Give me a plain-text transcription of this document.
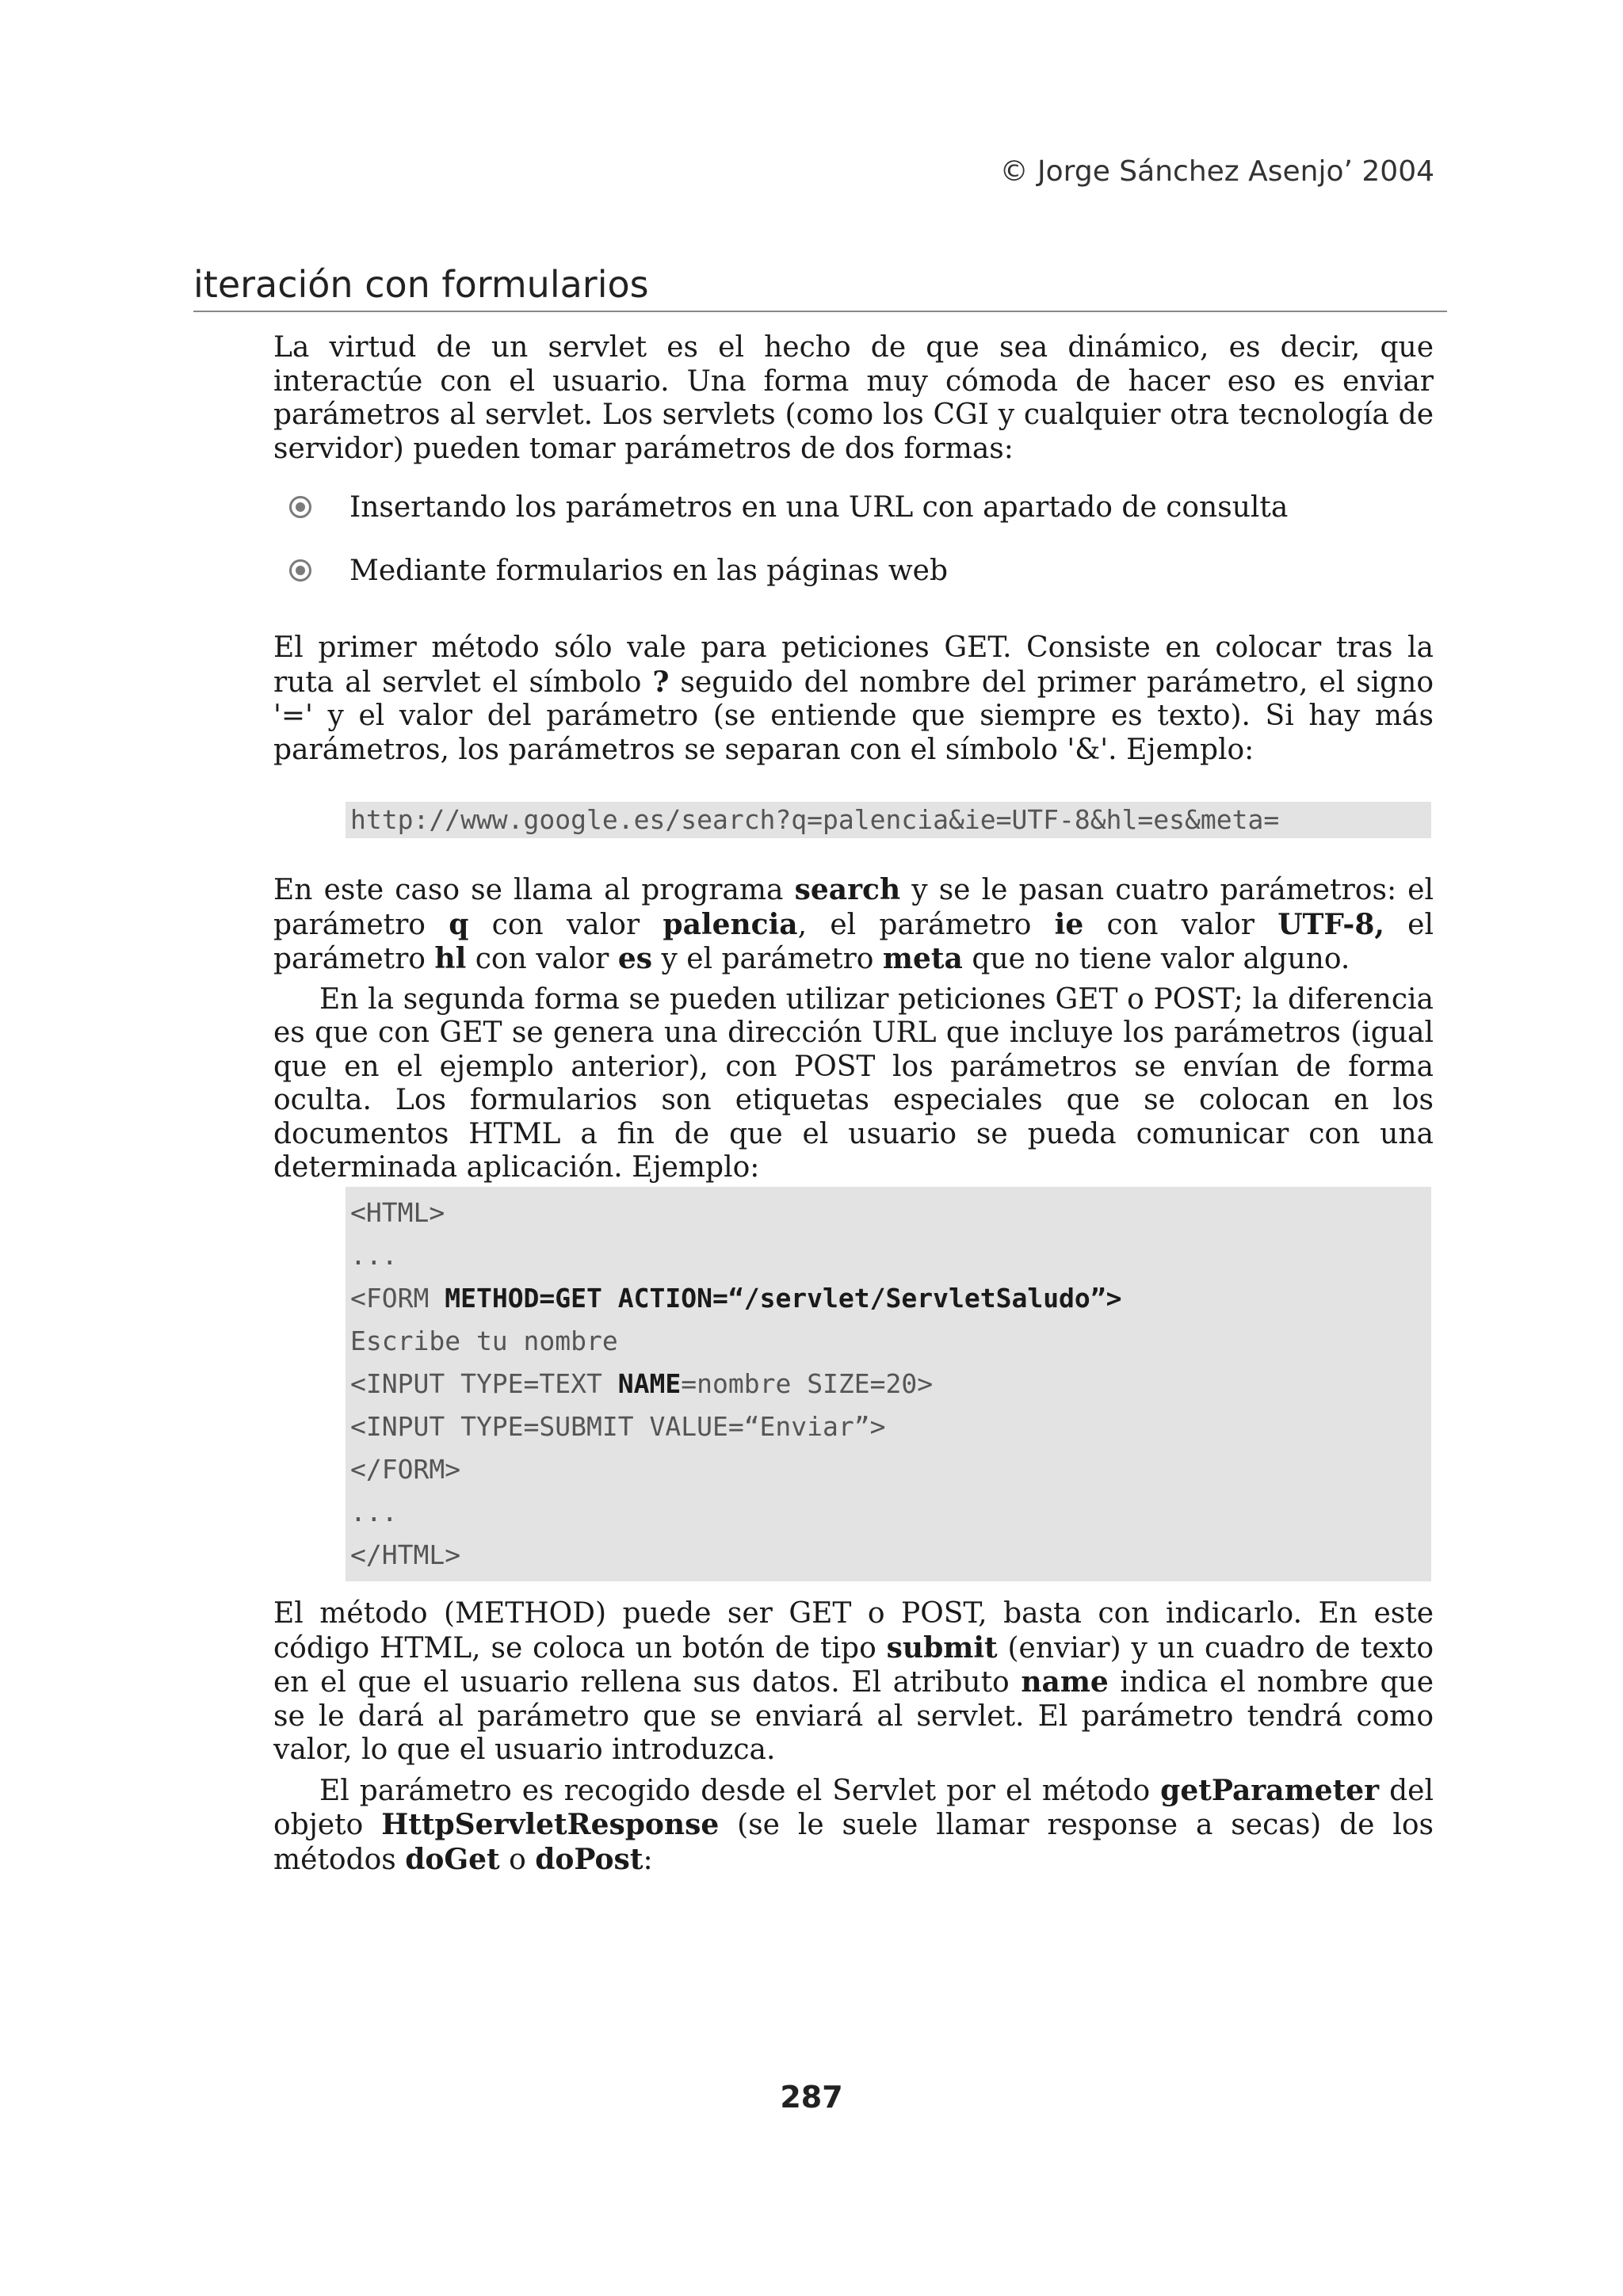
© Jorge Sánchez Asenjo’ 2004
iteración con formularios

La virtud de un servlet es el hecho de que sea dinámico, es decir, que interactúe con el usuario. Una forma muy cómoda de hacer eso es enviar parámetros al servlet. Los servlets (como los CGI y cualquier otra tecnología de servidor) pueden tomar parámetros de dos formas:

Insertando los parámetros en una URL con apartado de consulta
Mediante formularios en las páginas web

El primer método sólo vale para peticiones GET. Consiste en colocar tras la ruta al servlet el símbolo ? seguido del nombre del primer parámetro, el signo '=' y el valor del parámetro (se entiende que siempre es texto). Si hay más parámetros, los parámetros se separan con el símbolo '&'. Ejemplo:

http://www.google.es/search?q=palencia&ie=UTF-8&hl=es&meta=

En este caso se llama al programa search y se le pasan cuatro parámetros: el parámetro q con valor palencia, el parámetro ie con valor UTF-8, el parámetro hl con valor es y el parámetro meta que no tiene valor alguno.

En la segunda forma se pueden utilizar peticiones GET o POST; la diferencia es que con GET se genera una dirección URL que incluye los parámetros (igual que en el ejemplo anterior), con POST los parámetros se envían de forma oculta. Los formularios son etiquetas especiales que se colocan en los documentos HTML a fin de que el usuario se pueda comunicar con una determinada aplicación. Ejemplo:

<HTML>
...
<FORM METHOD=GET ACTION=“/servlet/ServletSaludo”>
Escribe tu nombre
<INPUT TYPE=TEXT NAME=nombre SIZE=20>
<INPUT TYPE=SUBMIT VALUE=“Enviar”>
</FORM>
...
</HTML>

El método (METHOD) puede ser GET o POST, basta con indicarlo. En este código HTML, se coloca un botón de tipo submit (enviar) y un cuadro de texto en el que el usuario rellena sus datos. El atributo name indica el nombre que se le dará al parámetro que se enviará al servlet. El parámetro tendrá como valor, lo que el usuario introduzca.

El parámetro es recogido desde el Servlet por el método getParameter del objeto HttpServletResponse (se le suele llamar response a secas) de los métodos doGet o doPost:

287
